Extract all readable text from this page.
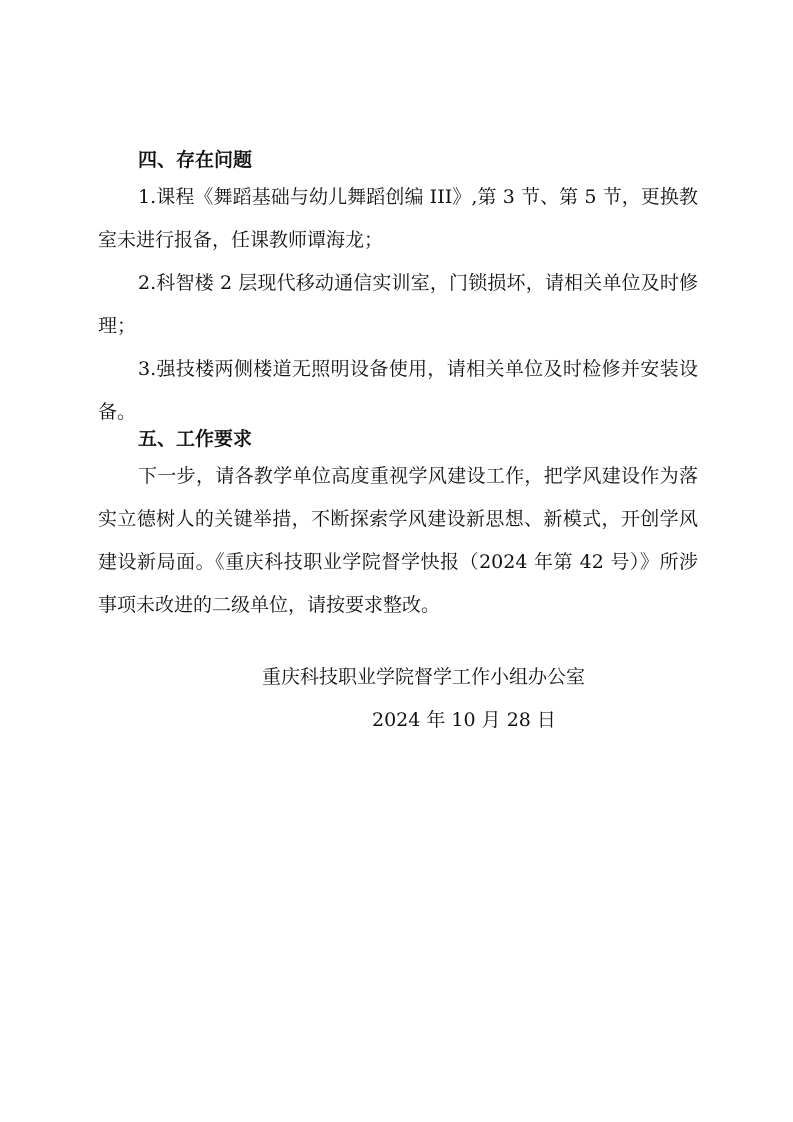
四、存在问题

1.课程《舞蹈基础与幼儿舞蹈创编 III》,第 3 节、第 5 节，更换教室未进行报备，任课教师谭海龙；

2.科智楼 2 层现代移动通信实训室，门锁损坏，请相关单位及时修理；

3.强技楼两侧楼道无照明设备使用，请相关单位及时检修并安装设备。

五、工作要求

下一步，请各教学单位高度重视学风建设工作，把学风建设作为落实立德树人的关键举措，不断探索学风建设新思想、新模式，开创学风建设新局面。《重庆科技职业学院督学快报（2024 年第 42 号）》所涉事项未改进的二级单位，请按要求整改。

重庆科技职业学院督学工作小组办公室

2024 年 10 月 28 日
